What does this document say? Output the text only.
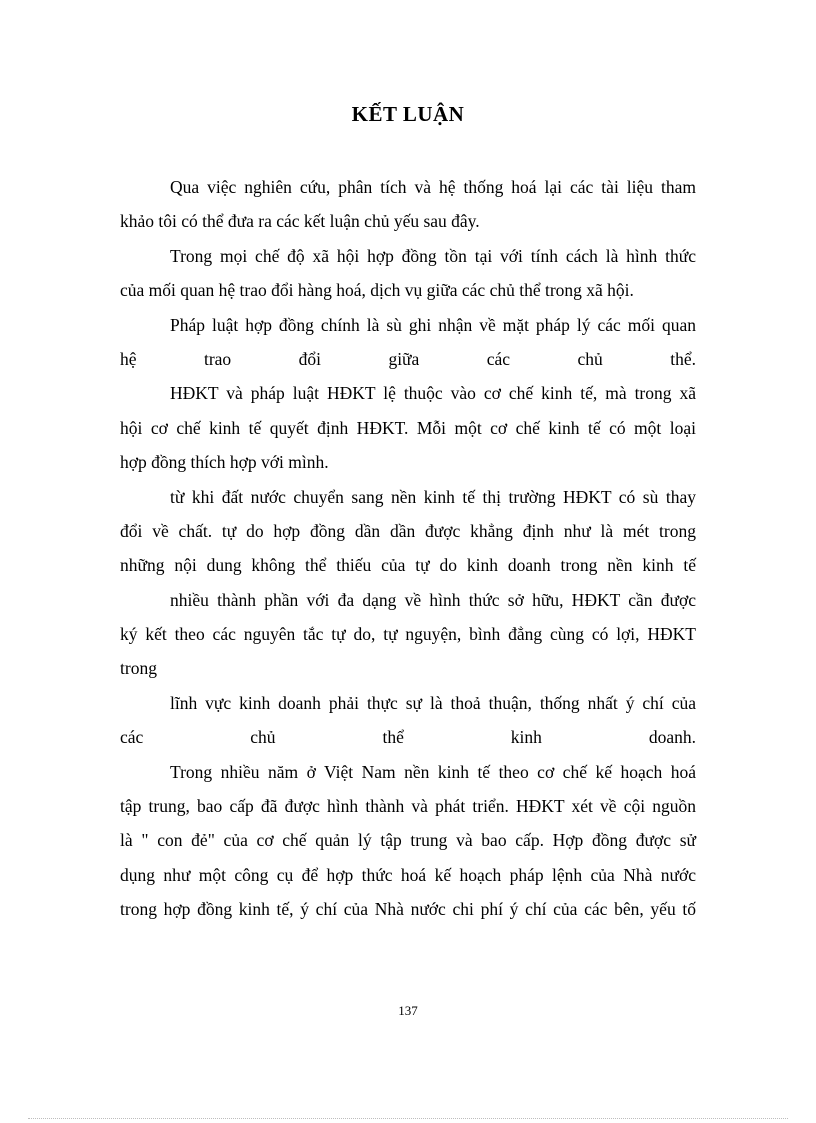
KẾT LUẬN
Qua việc nghiên cứu, phân tích và hệ thống hoá lại các tài liệu tham
khảo tôi có thể đưa ra các kết luận chủ yếu sau đây.
Trong mọi chế độ xã hội hợp đồng tồn tại với tính cách là hình thức
của mối quan hệ trao đổi hàng hoá, dịch vụ giữa các chủ thể trong xã hội.
Pháp luật hợp đồng chính là sù ghi nhận về mặt pháp lý các mối quan
hệ trao đổi giữa các chủ thể.
HĐKT và pháp luật HĐKT lệ thuộc vào cơ chế kinh tế, mà trong xã
hội cơ chế kinh tế quyết định HĐKT. Mỗi một cơ chế kinh tế có một loại
hợp đồng thích hợp với mình.
từ khi đất nước chuyển sang nền kinh tế thị trường HĐKT có sù thay
đổi về chất. tự do hợp đồng dần dần được khẳng định như là mét trong
những nội dung không thể thiếu của tự do kinh doanh trong nền kinh tế
nhiều thành phần với đa dạng về hình thức sở hữu, HĐKT cần được
ký kết theo các nguyên tắc tự do, tự nguyện, bình đẳng cùng có lợi, HĐKT
trong
lĩnh vực kinh doanh phải thực sự là thoả thuận, thống nhất ý chí của
các chủ thể kinh doanh.
Trong nhiều năm ở Việt Nam nền kinh tế theo cơ chế kế hoạch hoá
tập trung, bao cấp đã được hình thành và phát triển. HĐKT xét về cội nguồn
là " con đẻ" của cơ chế quản lý tập trung và bao cấp. Hợp đồng được sử
dụng như một công cụ để hợp thức hoá kế hoạch pháp lệnh của Nhà nước
trong hợp đồng kinh tế, ý chí của Nhà nước chi phí ý chí của các bên, yếu tố
137
